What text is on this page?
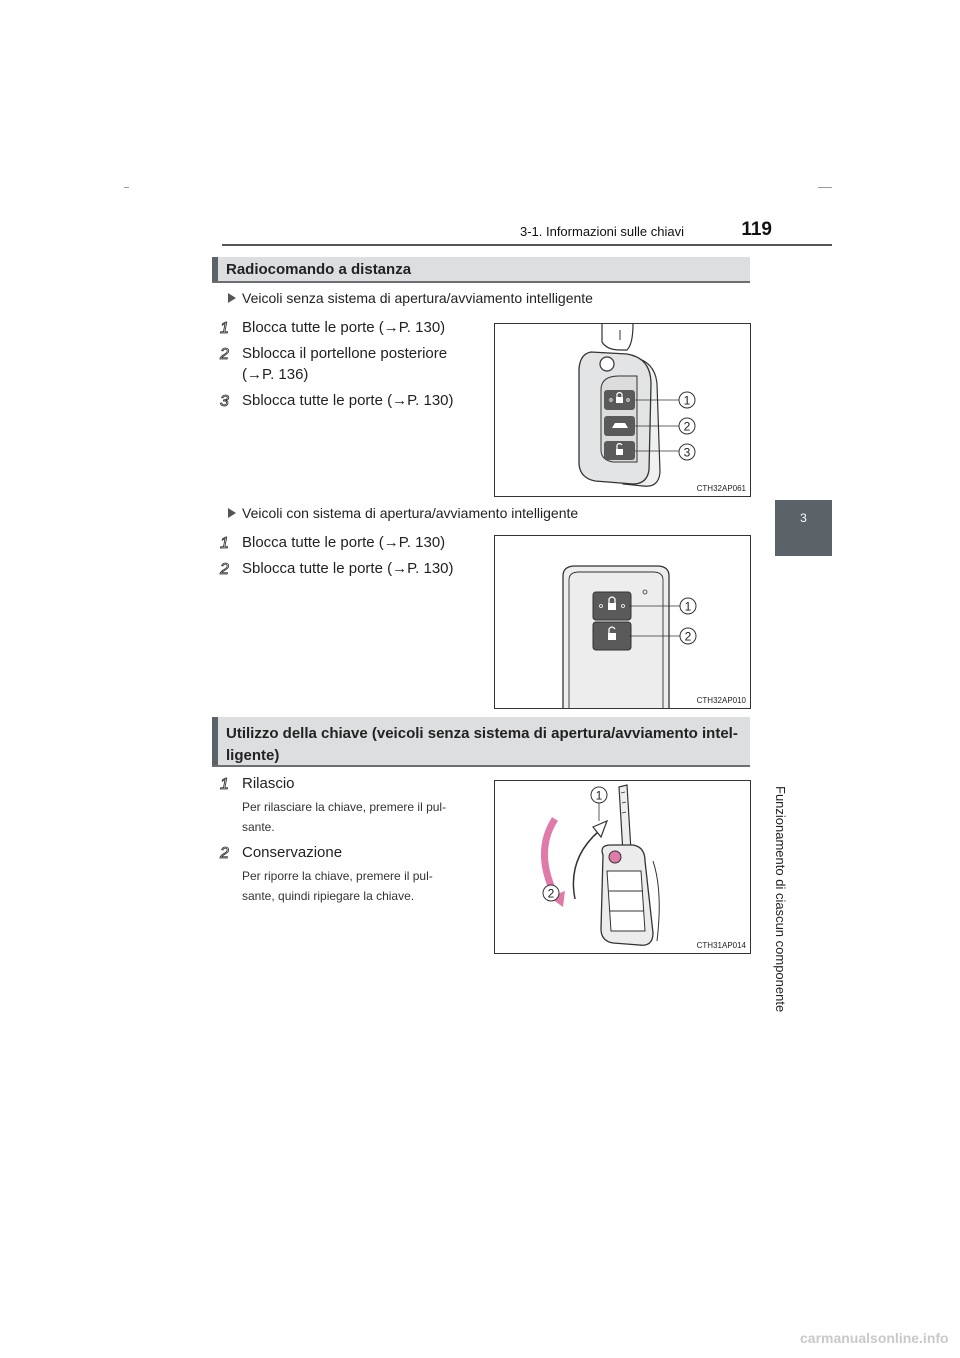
3-1. Informazioni sulle chiavi	119
3
Funzionamento di ciascun componente
Radiocomando a distanza
Veicoli senza sistema di apertura/avviamento intelligente
1 Blocca tutte le porte (→P. 130)
2 Sblocca il portellone posteriore
(→P. 136)
3 Sblocca tutte le porte (→P. 130)	1
2
3
CTH32AP061
Veicoli con sistema di apertura/avviamento intelligente
1 Blocca tutte le porte (→P. 130)
2 Sblocca tutte le porte (→P. 130)
1
2
CTH32AP010
Utilizzo della chiave (veicoli senza sistema di apertura/avviamento intel-
ligente)
1 Rilascio
Per rilasciare la chiave, premere il pul-
sante.
2 Conservazione
Per riporre la chiave, premere il pul-
sante, quindi ripiegare la chiave.
1
2
CTH31AP014
carmanualsonline.info
